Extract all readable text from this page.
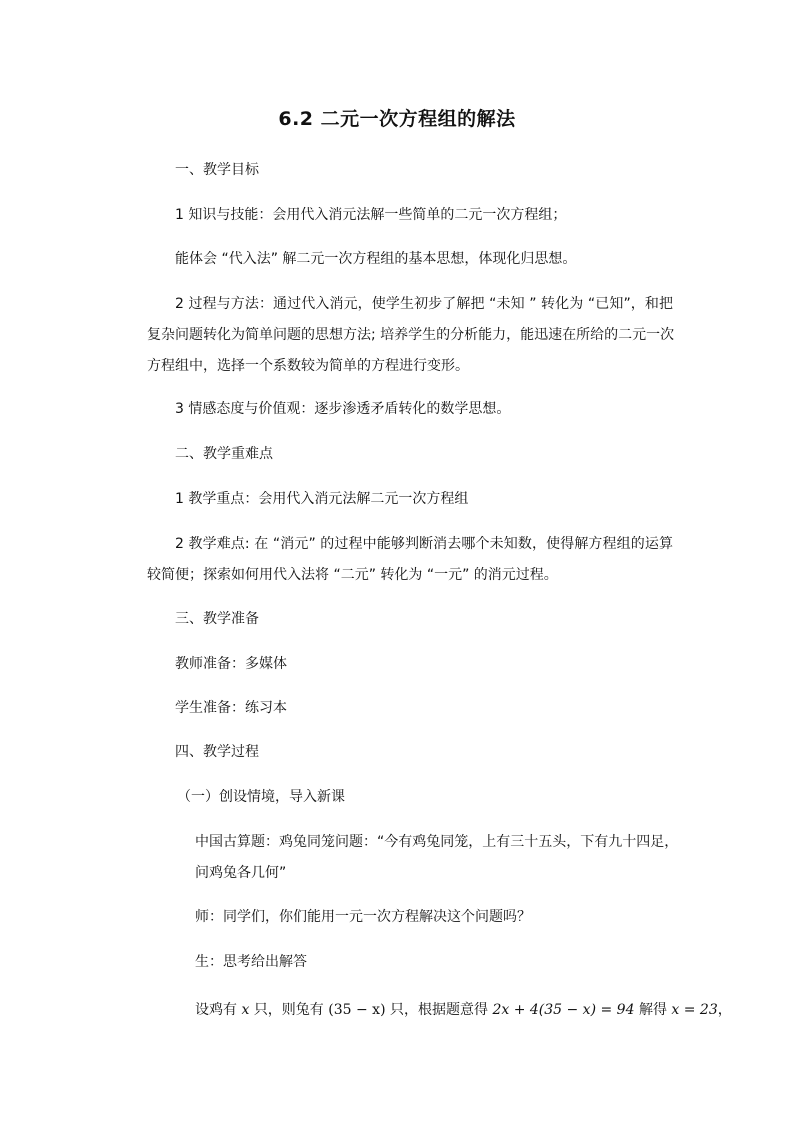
6.2 二元一次方程组的解法
一、教学目标
1 知识与技能：会用代入消元法解一些简单的二元一次方程组；
能体会 “代入法” 解二元一次方程组的基本思想，体现化归思想。
2 过程与方法：通过代入消元，使学生初步了解把 “未知 ” 转化为 “已知”，和把
复杂问题转化为简单问题的思想方法; 培养学生的分析能力，能迅速在所给的二元一次
方程组中，选择一个系数较为简单的方程进行变形。
3 情感态度与价值观：逐步渗透矛盾转化的数学思想。
二、教学重难点
1 教学重点：会用代入消元法解二元一次方程组
2 教学难点: 在 “消元” 的过程中能够判断消去哪个未知数，使得解方程组的运算
较简便；探索如何用代入法将 “二元” 转化为 “一元” 的消元过程。
三、教学准备
教师准备：多媒体
学生准备：练习本
四、教学过程
（一）创设情境，导入新课
中国古算题：鸡兔同笼问题：“今有鸡兔同笼，上有三十五头，下有九十四足，
问鸡兔各几何”
师：同学们，你们能用一元一次方程解决这个问题吗？
生：思考给出解答
设鸡有 x 只，则兔有 (35 − x) 只，根据题意得 2x + 4(35 − x) = 94 解得 x = 23，
